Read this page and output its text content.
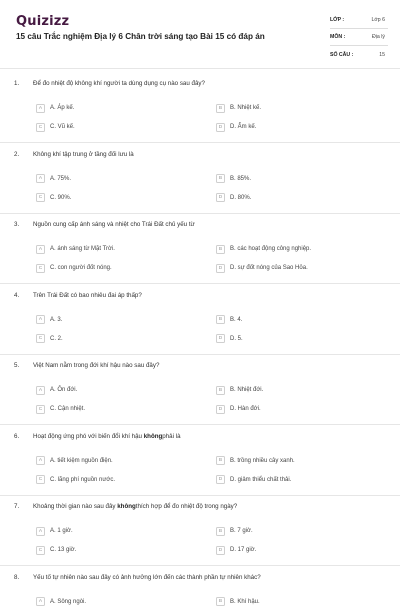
Quizizz
15 câu Trắc nghiệm Địa lý 6 Chân trời sáng tạo Bài 15 có đáp án
LỚP :	Lớp 6
MÔN :	Địa lý
SỐ CÂU :	15
1. Để đo nhiệt độ không khí người ta dùng dụng cụ nào sau đây?
A	A. Áp kế.	B	B. Nhiệt kế.
C	C. Vũ kế.	D	D. Ẩm kế.
2. Không khí tập trung ở tầng đối lưu là
A	A. 75%.	B	B. 85%.
C	C. 90%.	D	D. 80%.
3. Nguồn cung cấp ánh sáng và nhiệt cho Trái Đất chủ yếu từ
A	A. ánh sáng từ Mặt Trời.	B	B. các hoạt động công nghiệp.
C	C. con người đốt nóng.	D	D. sự đốt nóng của Sao Hỏa.
4. Trên Trái Đất có bao nhiêu đai áp thấp?
A	A. 3.	B	B. 4.
C	C. 2.	D	D. 5.
5. Việt Nam nằm trong đới khí hậu nào sau đây?
A	A. Ôn đới.	B	B. Nhiệt đới.
C	C. Cận nhiệt.	D	D. Hàn đới.
6. Hoạt động ứng phó với biến đổi khí hậu khôngphải là
A	A. tiết kiệm nguồn điện.	B	B. trồng nhiều cây xanh.
C	C. lãng phí nguồn nước.	D	D. giảm thiểu chất thải.
7. Khoảng thời gian nào sau đây khôngthích hợp để đo nhiệt độ trong ngày?
A	A. 1 giờ.	B	B. 7 giờ.
C	C. 13 giờ.	D	D. 17 giờ.
8. Yếu tố tự nhiên nào sau đây có ảnh hưởng lớn đến các thành phần tự nhiên khác?
A	A. Sông ngòi.	B	B. Khí hậu.
